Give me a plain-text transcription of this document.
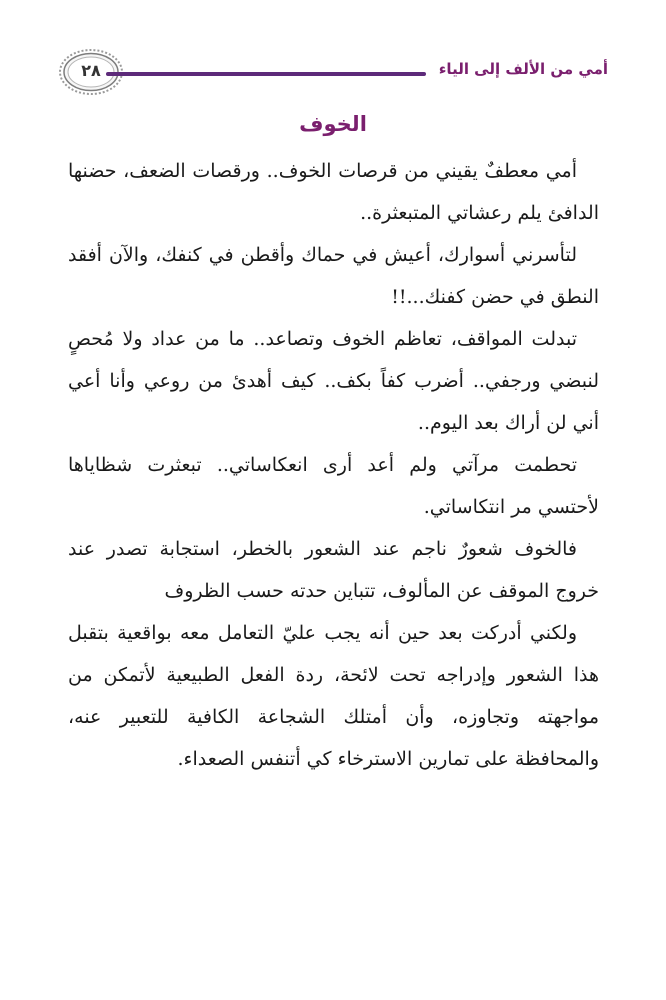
٢٨	أمي من الألف إلى الياء
الخوف

أمي معطفٌ يقيني من قرصات الخوف.. ورقصات الضعف، حضنها الدافئ يلم رعشاتي المتبعثرة..

لتأسرني أسوارك، أعيش في حماك وأقطن في كنفك، والآن أفقد النطق في حضن كفنك...!!

تبدلت المواقف، تعاظم الخوف وتصاعد.. ما من عداد ولا مُحصٍ لنبضي ورجفي.. أضرب كفاً بكف.. كيف أهدئ من روعي وأنا أعي أني لن أراك بعد اليوم..

تحطمت مرآتي ولم أعد أرى انعكاساتي.. تبعثرت شظاياها لأحتسي مر انتكاساتي.

فالخوف شعورٌ ناجم عند الشعور بالخطر، استجابة تصدر عند خروج الموقف عن المألوف، تتباين حدته حسب الظروف

ولكني أدركت بعد حين أنه يجب عليّ التعامل معه بواقعية بتقبل هذا الشعور وإدراجه تحت لائحة، ردة الفعل الطبيعية لأتمكن من مواجهته وتجاوزه، وأن أمتلك الشجاعة الكافية للتعبير عنه، والمحافظة على تمارين الاسترخاء كي أتنفس الصعداء.
